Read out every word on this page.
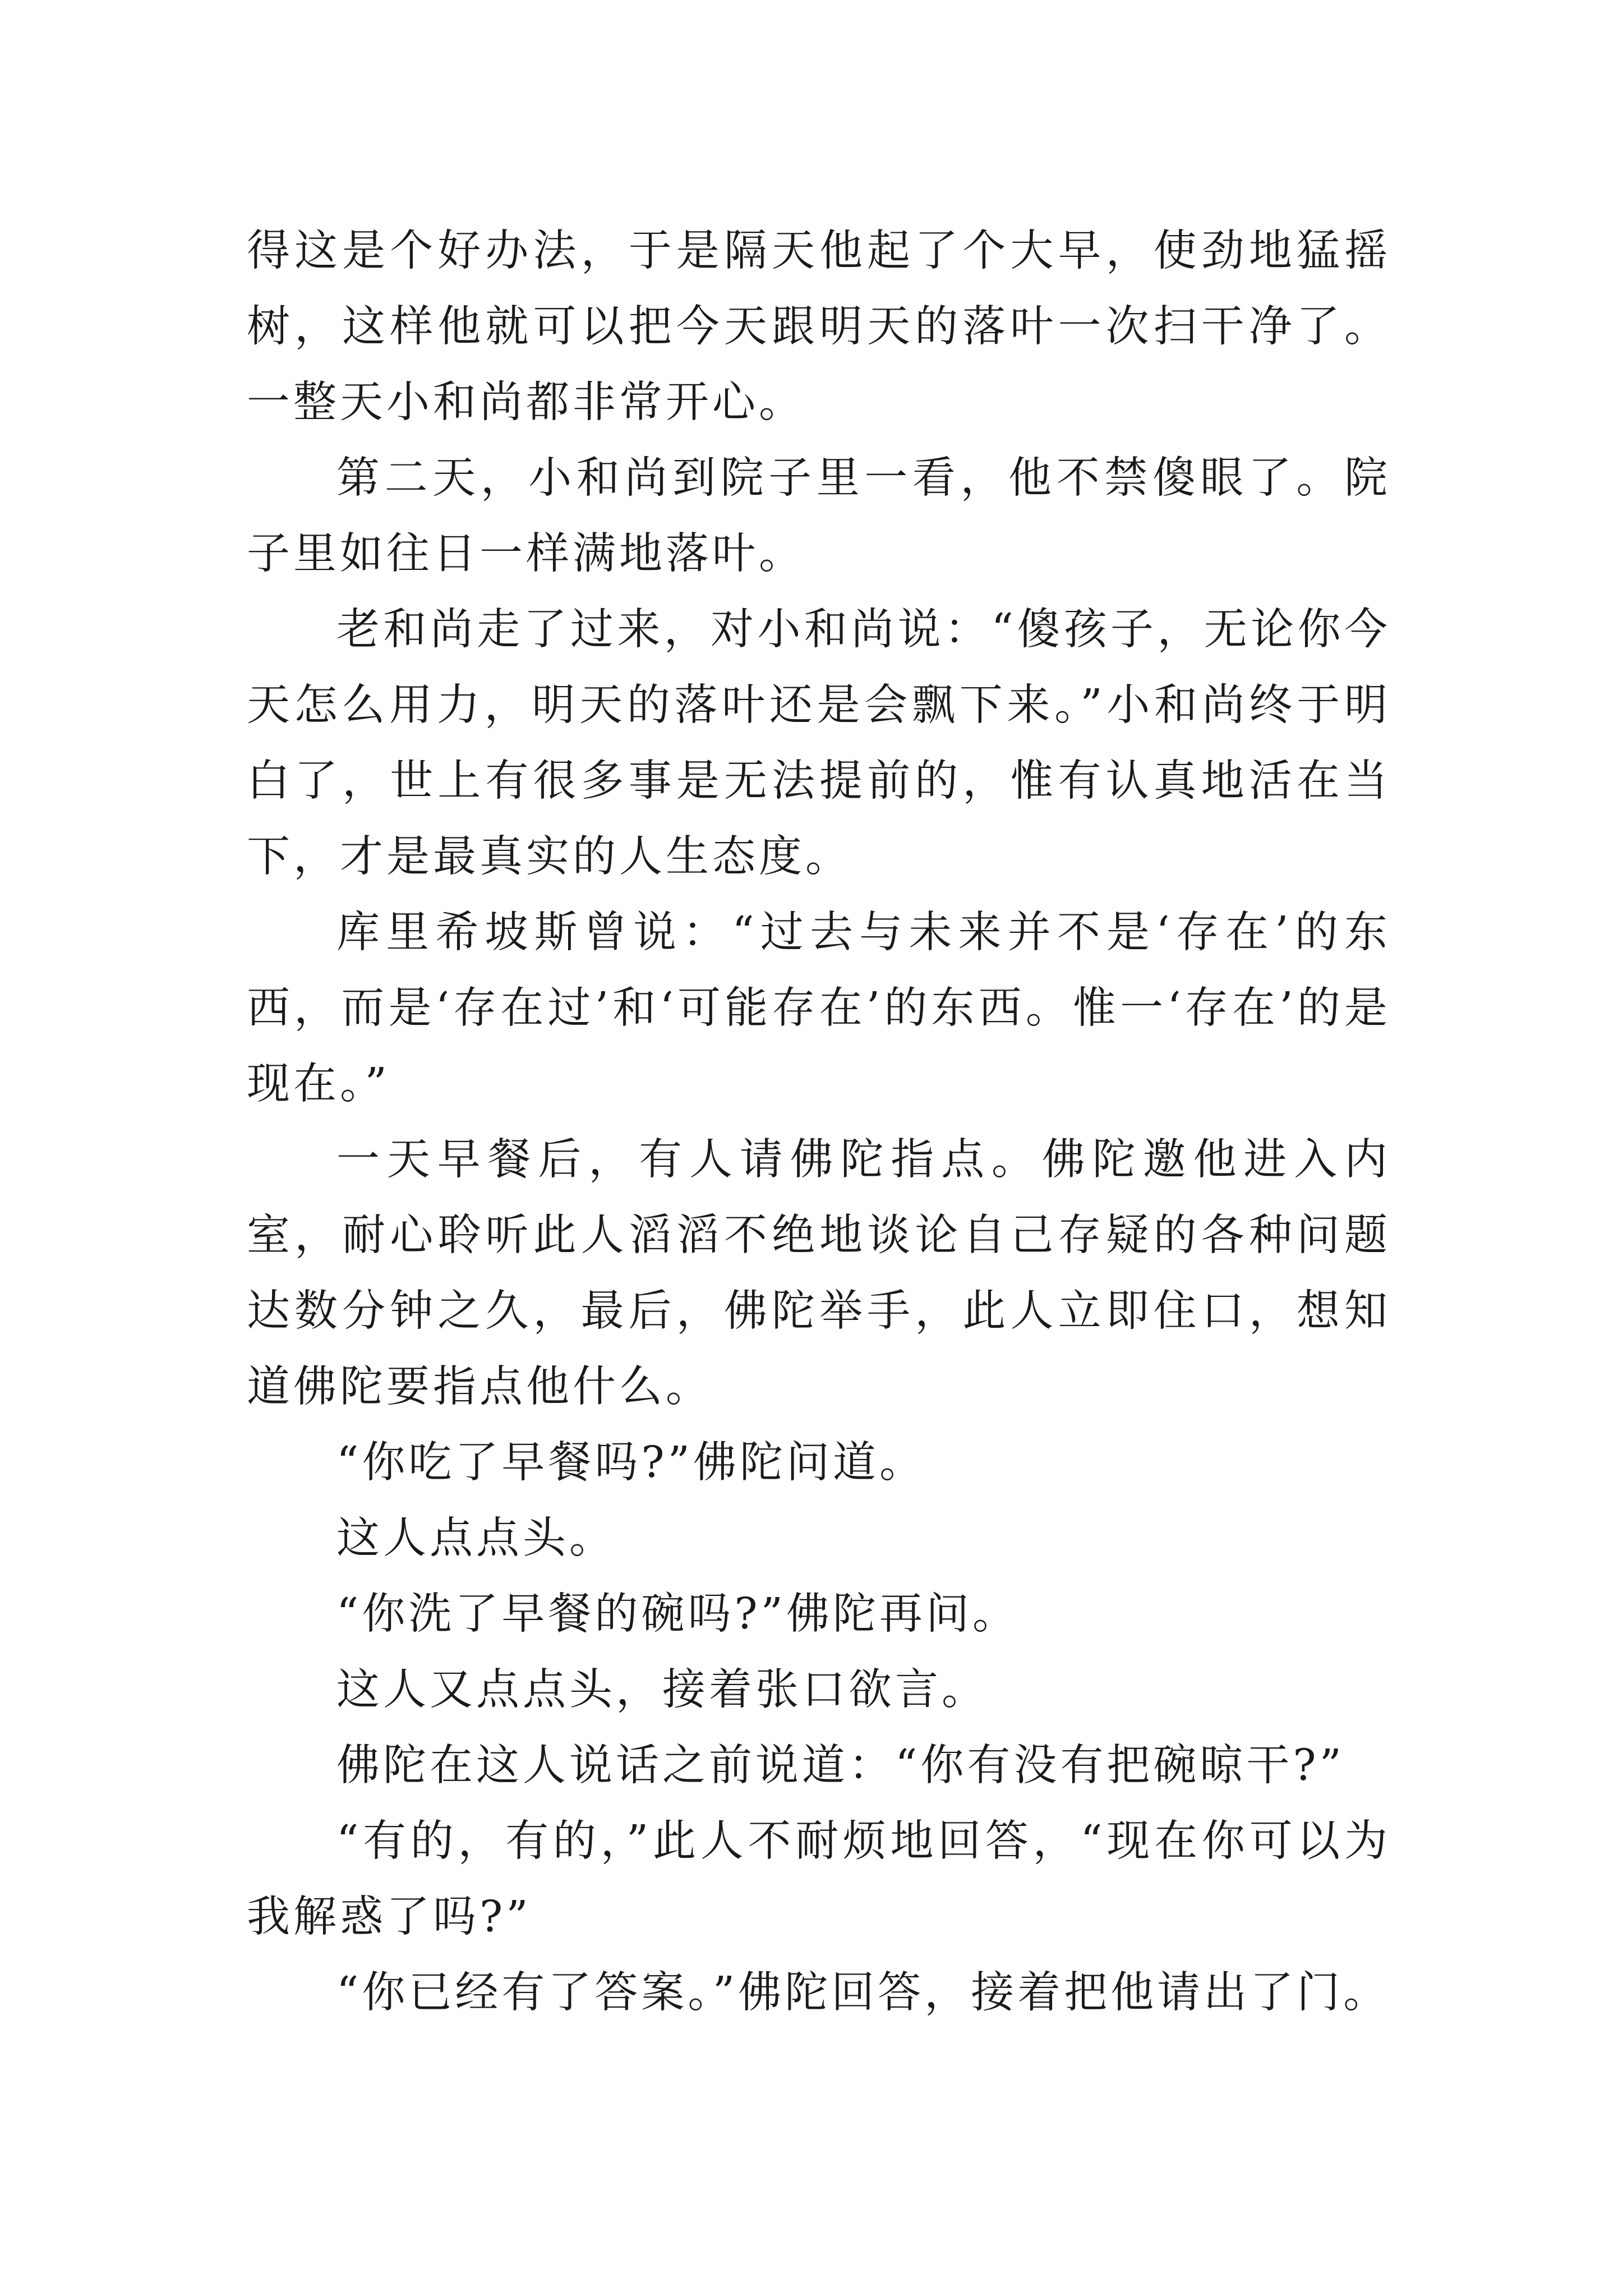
得这是个好办法，于是隔天他起了个大早，使劲地猛摇树，这样他就可以把今天跟明天的落叶一次扫干净了。一整天小和尚都非常开心。

第二天，小和尚到院子里一看，他不禁傻眼了。院子里如往日一样满地落叶。

老和尚走了过来，对小和尚说：“傻孩子，无论你今天怎么用力，明天的落叶还是会飘下来。”小和尚终于明白了，世上有很多事是无法提前的，惟有认真地活在当下，才是最真实的人生态度。

库里希坡斯曾说：“过去与未来并不是‘存在’的东西，而是‘存在过’和‘可能存在’的东西。惟一‘存在’的是现在。”

一天早餐后，有人请佛陀指点。佛陀邀他进入内室，耐心聆听此人滔滔不绝地谈论自己存疑的各种问题达数分钟之久，最后，佛陀举手，此人立即住口，想知道佛陀要指点他什么。

“你吃了早餐吗?”佛陀问道。

这人点点头。

“你洗了早餐的碗吗?”佛陀再问。

这人又点点头，接着张口欲言。

佛陀在这人说话之前说道：“你有没有把碗晾干?”

“有的，有的，”此人不耐烦地回答，“现在你可以为我解惑了吗?”

“你已经有了答案。”佛陀回答，接着把他请出了门。
